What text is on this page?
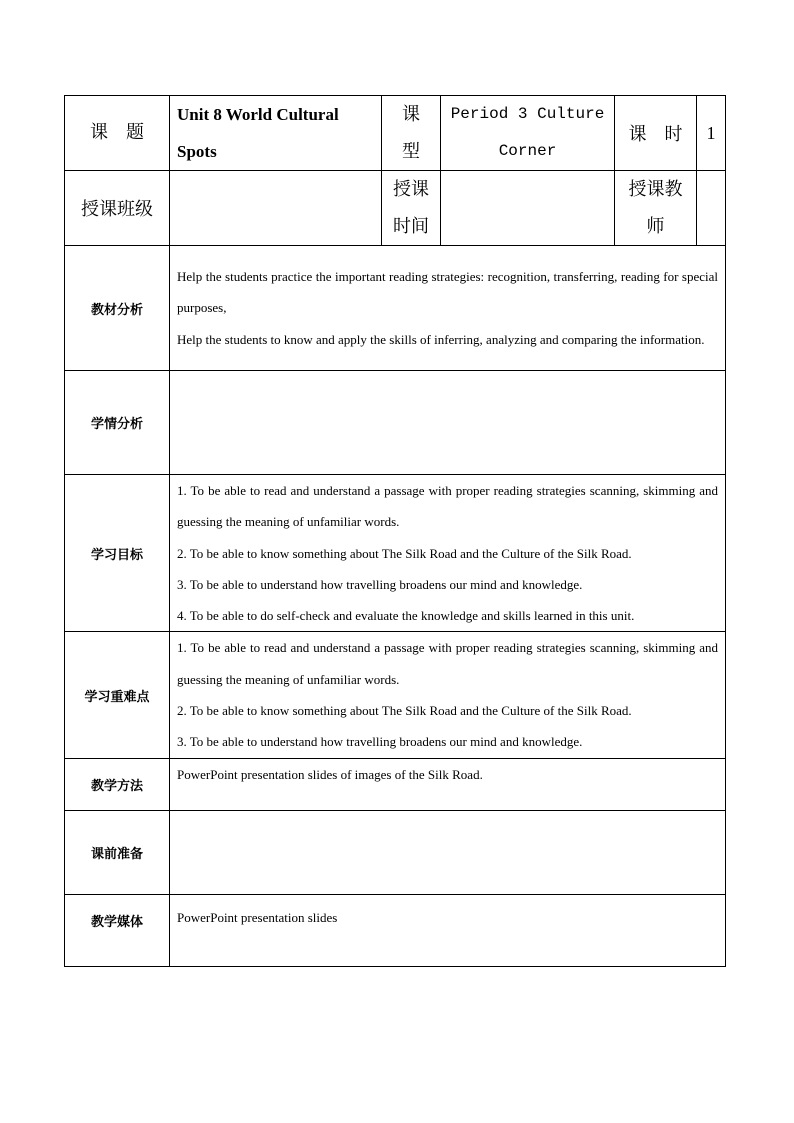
课　题	Unit 8 World Cultural Spots	课型	Period 3 Culture Corner	课　时	1
授课班级		授课时间		授课教师	

教材分析	Help the students practice the important reading strategies: recognition, transferring, reading for special purposes,

Help the students to know and apply the skills of inferring, analyzing and comparing the information.				

学情分析					
学习目标	1. To be able to read and understand a passage with proper reading strategies scanning, skimming and guessing the meaning of unfamiliar words.

2. To be able to know something about The Silk Road and the Culture of the Silk Road.

3. To be able to understand how travelling broadens our mind and knowledge.

4. To be able to do self-check and evaluate the knowledge and skills learned in this unit.				

学习重难点	1. To be able to read and understand a passage with proper reading strategies scanning, skimming and guessing the meaning of unfamiliar words.

2. To be able to know something about The Silk Road and the Culture of the Silk Road.

3. To be able to understand how travelling broadens our mind and knowledge.				

教学方法	PowerPoint presentation slides of images of the Silk Road.				

课前准备					
教学媒体	PowerPoint presentation slides				
